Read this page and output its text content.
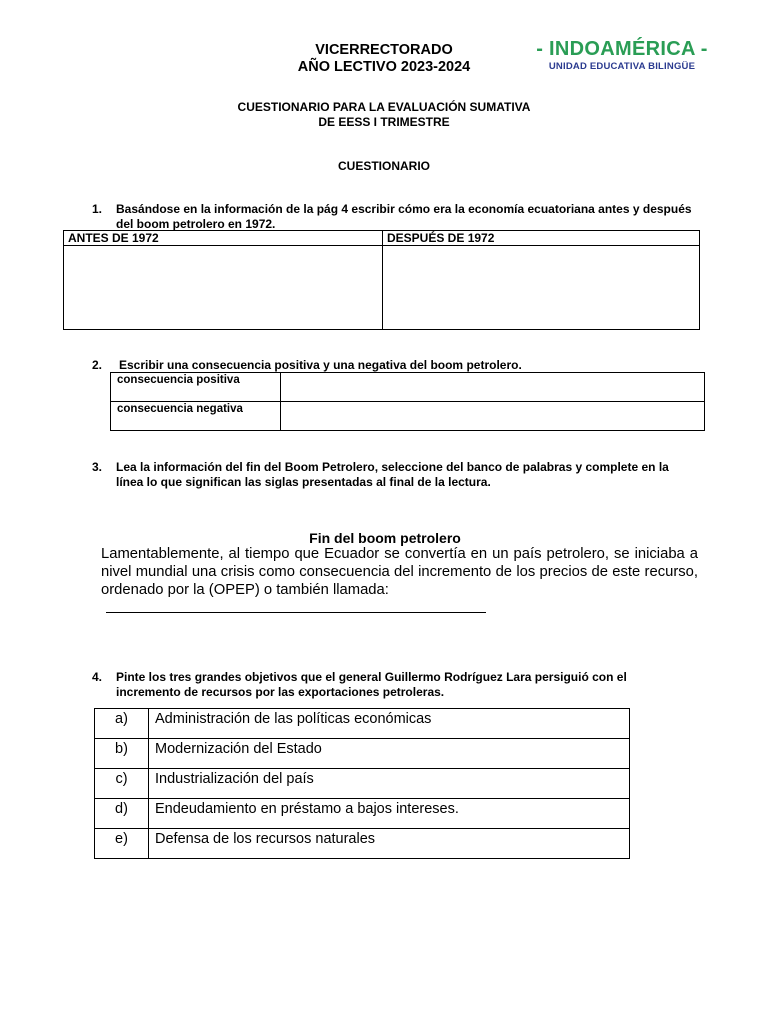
VICERRECTORADO
AÑO LECTIVO 2023-2024
- INDOAMÉRICA -
UNIDAD EDUCATIVA BILINGÜE
CUESTIONARIO PARA LA EVALUACIÓN SUMATIVA
DE EESS I TRIMESTRE
CUESTIONARIO
1.	Basándose en la información de la pág 4 escribir cómo era la economía ecuatoriana antes y después del boom petrolero en 1972.
ANTES DE 1972	DESPUÉS DE 1972

2.	Escribir una consecuencia positiva y una negativa del boom petrolero.
consecuencia positiva	
consecuencia negativa	
3.	Lea la información del fin del Boom Petrolero, seleccione del banco de palabras y complete en la línea lo que significan las siglas presentadas al final de la lectura.
Fin del boom petrolero
Lamentablemente, al tiempo que Ecuador se convertía en un país petrolero, se iniciaba a nivel mundial una crisis como consecuencia del incremento de los precios de este recurso, ordenado por la (OPEP) o también llamada:
4.	Pinte los tres grandes objetivos que el general Guillermo Rodríguez Lara persiguió con el incremento de recursos por las exportaciones petroleras.
a)	Administración de las políticas económicas
b)	Modernización del Estado
c)	Industrialización del país
d)	Endeudamiento en préstamo a bajos intereses.
e)	Defensa de los recursos naturales
